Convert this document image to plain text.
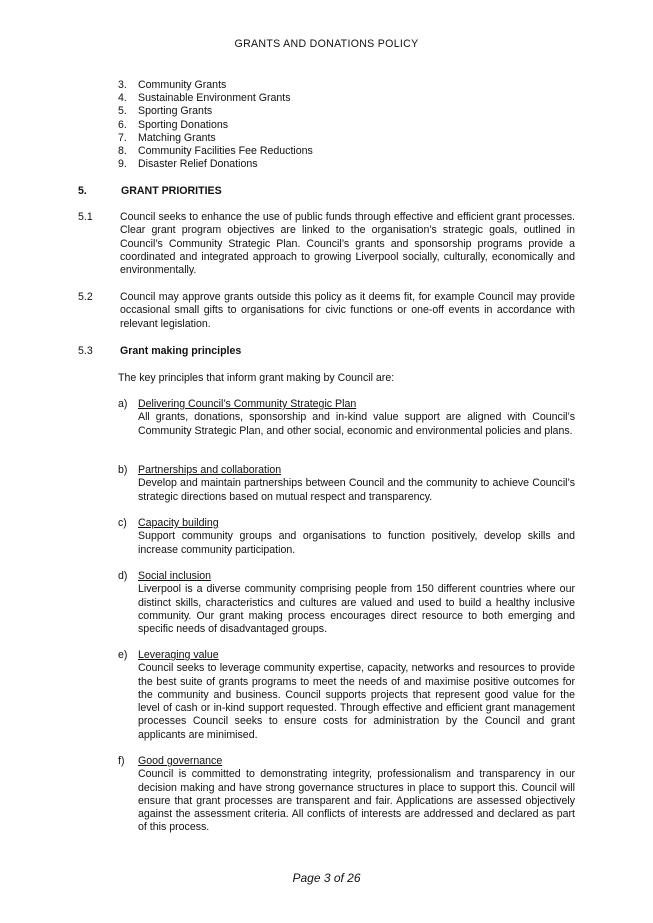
GRANTS AND DONATIONS POLICY
3.	Community Grants
4.	Sustainable Environment Grants
5.	Sporting Grants
6.	Sporting Donations
7.	Matching Grants
8.	Community Facilities Fee Reductions
9.	Disaster Relief Donations
5.	GRANT PRIORITIES
5.1	Council seeks to enhance the use of public funds through effective and efficient grant processes. Clear grant program objectives are linked to the organisation’s strategic goals, outlined in Council’s Community Strategic Plan. Council’s grants and sponsorship programs provide a coordinated and integrated approach to growing Liverpool socially, culturally, economically and environmentally.
5.2	Council may approve grants outside this policy as it deems fit, for example Council may provide occasional small gifts to organisations for civic functions or one-off events in accordance with relevant legislation.
5.3	Grant making principles
The key principles that inform grant making by Council are:
a) Delivering Council’s Community Strategic Plan
All grants, donations, sponsorship and in-kind value support are aligned with Council’s Community Strategic Plan, and other social, economic and environmental policies and plans.
b) Partnerships and collaboration
Develop and maintain partnerships between Council and the community to achieve Council’s strategic directions based on mutual respect and transparency.
c)	Capacity building
Support community groups and organisations to function positively, develop skills and increase community participation.
d) Social inclusion
Liverpool is a diverse community comprising people from 150 different countries where our distinct skills, characteristics and cultures are valued and used to build a healthy inclusive community. Our grant making process encourages direct resource to both emerging and specific needs of disadvantaged groups.
e) Leveraging value
Council seeks to leverage community expertise, capacity, networks and resources to provide the best suite of grants programs to meet the needs of and maximise positive outcomes for the community and business. Council supports projects that represent good value for the level of cash or in-kind support requested. Through effective and efficient grant management processes Council seeks to ensure costs for administration by the Council and grant applicants are minimised.
f)	Good governance
Council is committed to demonstrating integrity, professionalism and transparency in our decision making and have strong governance structures in place to support this. Council will ensure that grant processes are transparent and fair. Applications are assessed objectively against the assessment criteria. All conflicts of interests are addressed and declared as part of this process.
Page 3 of 26
